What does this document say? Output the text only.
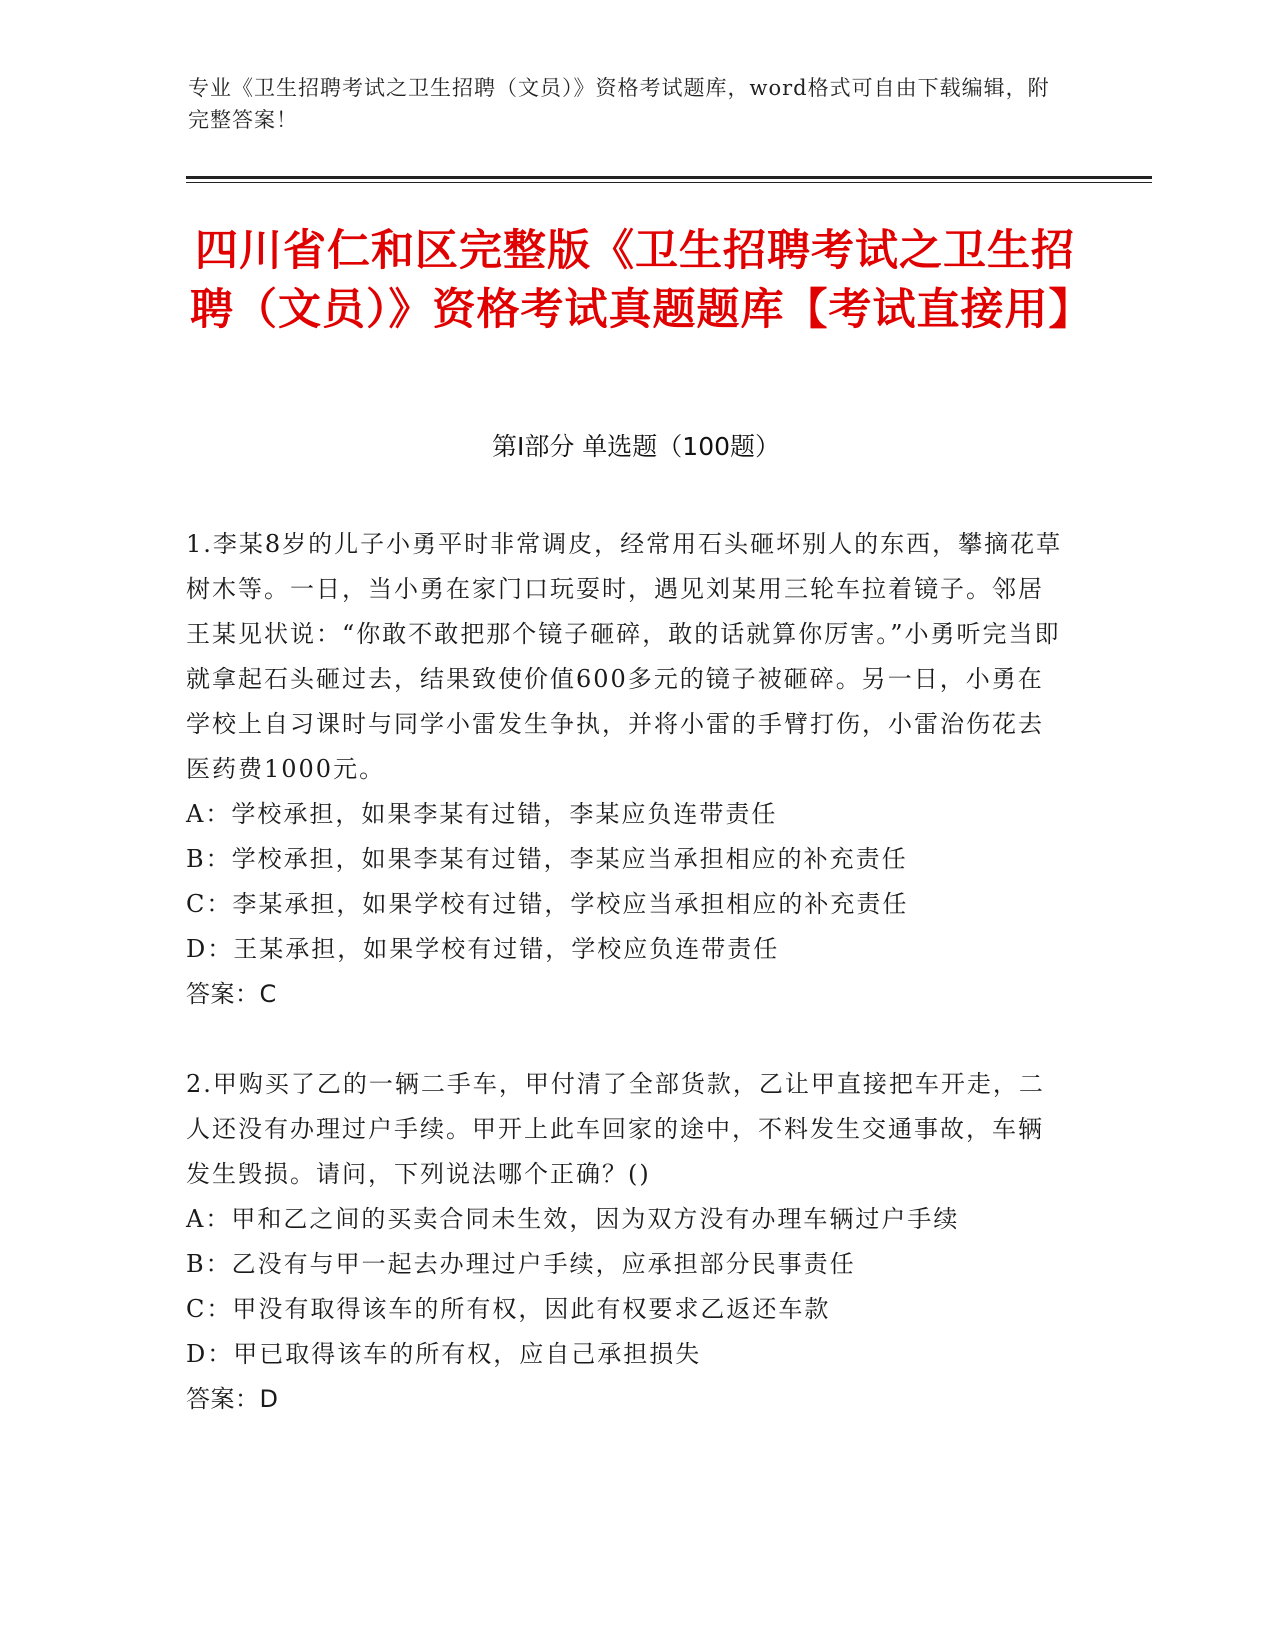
专业《卫生招聘考试之卫生招聘（文员）》资格考试题库，word格式可自由下载编辑，附完整答案！
四川省仁和区完整版《卫生招聘考试之卫生招聘（文员）》资格考试真题题库【考试直接用】
第Ⅰ部分 单选题（100题）

1.李某8岁的儿子小勇平时非常调皮，经常用石头砸坏别人的东西，攀摘花草树木等。一日，当小勇在家门口玩耍时，遇见刘某用三轮车拉着镜子。邻居王某见状说：“你敢不敢把那个镜子砸碎，敢的话就算你厉害。”小勇听完当即就拿起石头砸过去，结果致使价值600多元的镜子被砸碎。另一日，小勇在学校上自习课时与同学小雷发生争执，并将小雷的手臂打伤，小雷治伤花去医药费1000元。

A：学校承担，如果李某有过错，李某应负连带责任

B：学校承担，如果李某有过错，李某应当承担相应的补充责任

C：李某承担，如果学校有过错，学校应当承担相应的补充责任

D：王某承担，如果学校有过错，学校应负连带责任

答案：C

2.甲购买了乙的一辆二手车，甲付清了全部货款，乙让甲直接把车开走，二人还没有办理过户手续。甲开上此车回家的途中，不料发生交通事故，车辆发生毁损。请问，下列说法哪个正确？()

A：甲和乙之间的买卖合同未生效，因为双方没有办理车辆过户手续

B：乙没有与甲一起去办理过户手续，应承担部分民事责任

C：甲没有取得该车的所有权，因此有权要求乙返还车款

D：甲已取得该车的所有权，应自己承担损失

答案：D
